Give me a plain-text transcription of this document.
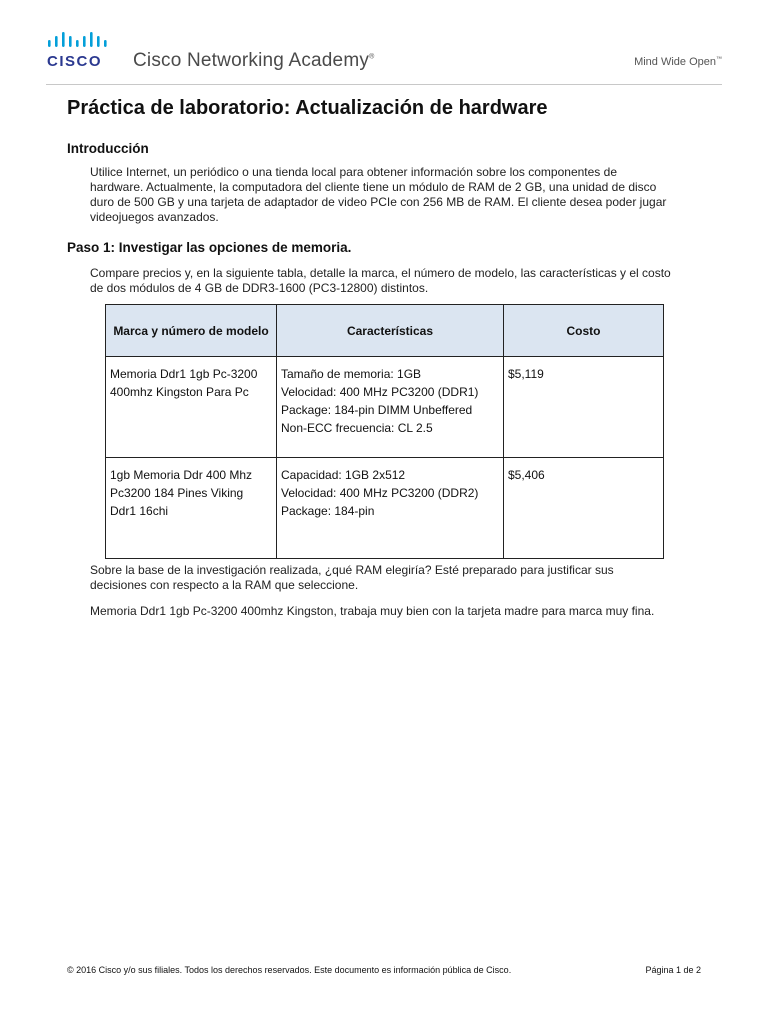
CISCO Cisco Networking Academy®	Mind Wide Open™
Práctica de laboratorio: Actualización de hardware
Introducción
Utilice Internet, un periódico o una tienda local para obtener información sobre los componentes de
hardware. Actualmente, la computadora del cliente tiene un módulo de RAM de 2 GB, una unidad de disco
duro de 500 GB y una tarjeta de adaptador de video PCIe con 256 MB de RAM. El cliente desea poder jugar
videojuegos avanzados.
Paso 1: Investigar las opciones de memoria.
Compare precios y, en la siguiente tabla, detalle la marca, el número de modelo, las características y el costo
de dos módulos de 4 GB de DDR3-1600 (PC3-12800) distintos.
Marca y número de modelo	Características	Costo

Memoria Ddr1 1gb Pc-3200
400mhz Kingston Para Pc	Tamaño de memoria: 1GB
Velocidad: 400 MHz PC3200 (DDR1)
Package: 184-pin DIMM Unbeffered
Non-ECC frecuencia: CL 2.5	$5,119

1gb Memoria Ddr 400 Mhz
Pc3200 184 Pines Viking
Ddr1 16chi	Capacidad: 1GB 2x512
Velocidad: 400 MHz PC3200 (DDR2)
Package: 184-pin	$5,406
Sobre la base de la investigación realizada, ¿qué RAM elegiría? Esté preparado para justificar sus
decisiones con respecto a la RAM que seleccione.
Memoria Ddr1 1gb Pc-3200 400mhz Kingston, trabaja muy bien con la tarjeta madre para marca muy fina.
© 2016 Cisco y/o sus filiales. Todos los derechos reservados. Este documento es información pública de Cisco.	Página 1 de 2
